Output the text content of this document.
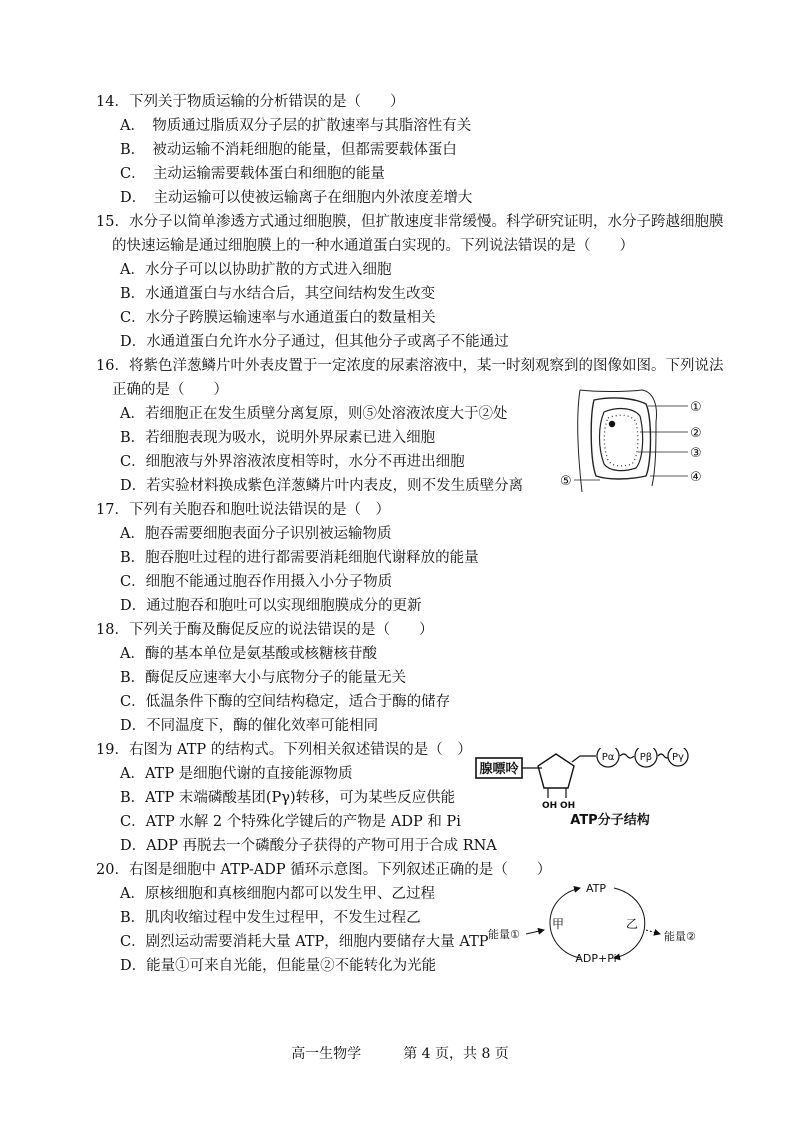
14．下列关于物质运输的分析错误的是（　　）
A．　物质通过脂质双分子层的扩散速率与其脂溶性有关
B．　被动运输不消耗细胞的能量，但都需要载体蛋白
C．　主动运输需要载体蛋白和细胞的能量
D．　主动运输可以使被运输离子在细胞内外浓度差增大
15．水分子以简单渗透方式通过细胞膜，但扩散速度非常缓慢。科学研究证明，水分子跨越细胞膜
的快速运输是通过细胞膜上的一种水通道蛋白实现的。下列说法错误的是（　　）
A．水分子可以以协助扩散的方式进入细胞
B．水通道蛋白与水结合后，其空间结构发生改变
C．水分子跨膜运输速率与水通道蛋白的数量相关
D．水通道蛋白允许水分子通过，但其他分子或离子不能通过
16．将紫色洋葱鳞片叶外表皮置于一定浓度的尿素溶液中，某一时刻观察到的图像如图。下列说法
正确的是（　　）
A．若细胞正在发生质壁分离复原，则⑤处溶液浓度大于②处
B．若细胞表现为吸水，说明外界尿素已进入细胞
C．细胞液与外界溶液浓度相等时，水分不再进出细胞
D．若实验材料换成紫色洋葱鳞片叶内表皮，则不发生质壁分离
17．下列有关胞吞和胞吐说法错误的是（　）
A．胞吞需要细胞表面分子识别被运输物质
B．胞吞胞吐过程的进行都需要消耗细胞代谢释放的能量
C．细胞不能通过胞吞作用摄入小分子物质
D．通过胞吞和胞吐可以实现细胞膜成分的更新
18．下列关于酶及酶促反应的说法错误的是（　　）
A．酶的基本单位是氨基酸或核糖核苷酸
B．酶促反应速率大小与底物分子的能量无关
C．低温条件下酶的空间结构稳定，适合于酶的储存
D．不同温度下，酶的催化效率可能相同
19．右图为 ATP 的结构式。下列相关叙述错误的是（　）
A．ATP 是细胞代谢的直接能源物质
B．ATP 末端磷酸基团(Pγ)转移，可为某些反应供能
C．ATP 水解 2 个特殊化学键后的产物是 ADP 和 Pi
D．ADP 再脱去一个磷酸分子获得的产物可用于合成 RNA
20．右图是细胞中 ATP-ADP 循环示意图。下列叙述正确的是（　　）
A．原核细胞和真核细胞内都可以发生甲、乙过程
B．肌肉收缩过程中发生过程甲，不发生过程乙
C．剧烈运动需要消耗大量 ATP，细胞内要储存大量 ATP
D．能量①可来自光能，但能量②不能转化为光能
①
②
③
④
⑤
腺嘌呤
OH OH
Pα	Pβ Pγ
ATP分子结构
ATP
ADP+Pi
甲	乙
能量①	能量②
高一生物学　　　	第 4 页，共 8 页
